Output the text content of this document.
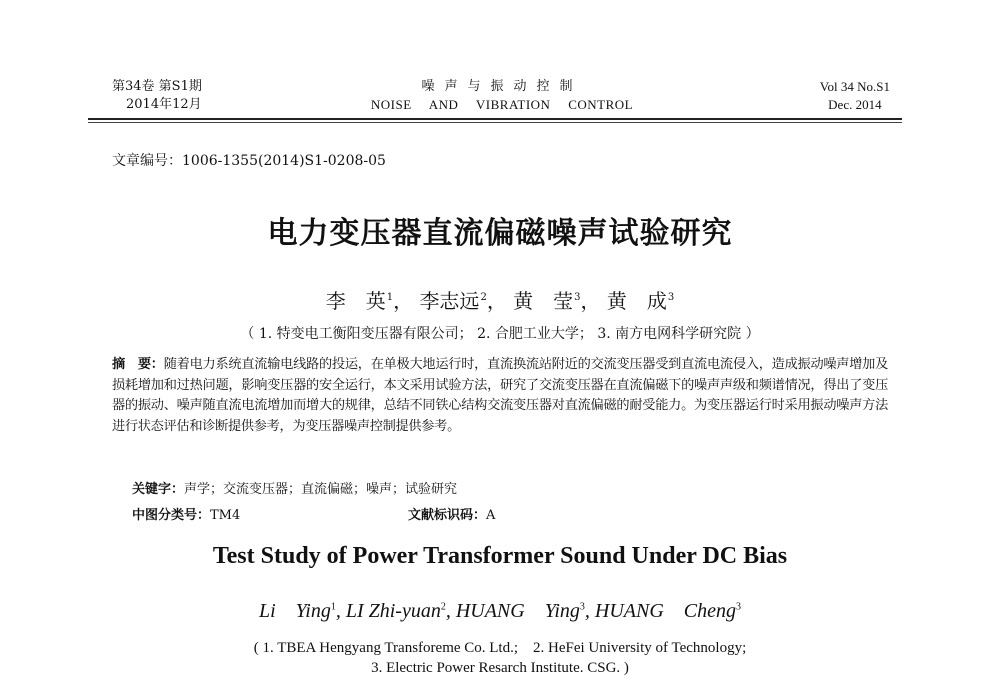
第34卷 第S1期
2014年12月
噪声与振动控制
NOISE AND VIBRATION CONTROL
Vol 34 No.S1
Dec. 2014
文章编号：1006-1355(2014)S1-0208-05
电力变压器直流偏磁噪声试验研究
李　英$^1$， 李志远$^2$， 黄　莹$^3$， 黄　成$^3$
（ 1. 特变电工衡阳变压器有限公司； 2. 合肥工业大学； 3. 南方电网科学研究院 ）
摘　要：随着电力系统直流输电线路的投运，在单极大地运行时，直流换流站附近的交流变压器受到直流电流侵入，造成振动噪声增加及损耗增加和过热问题，影响变压器的安全运行，本文采用试验方法，研究了交流变压器在直流偏磁下的噪声声级和频谱情况，得出了变压器的振动、噪声随直流电流增加而增大的规律，总结不同铁心结构交流变压器对直流偏磁的耐受能力。为变压器运行时采用振动噪声方法进行状态评估和诊断提供参考，为变压器噪声控制提供参考。
关键字：声学；交流变压器；直流偏磁；噪声；试验研究
中图分类号：TM4	文献标识码：A
Test Study of Power Transformer Sound Under DC Bias
Li　Ying$^1$, LI Zhi-yuan$^2$, HUANG　Ying$^3$, HUANG　Cheng$^3$
( 1. TBEA Hengyang Transforeme Co. Ltd.;　2. HeFei University of Technology;
3. Electric Power Resarch Institute. CSG. )
